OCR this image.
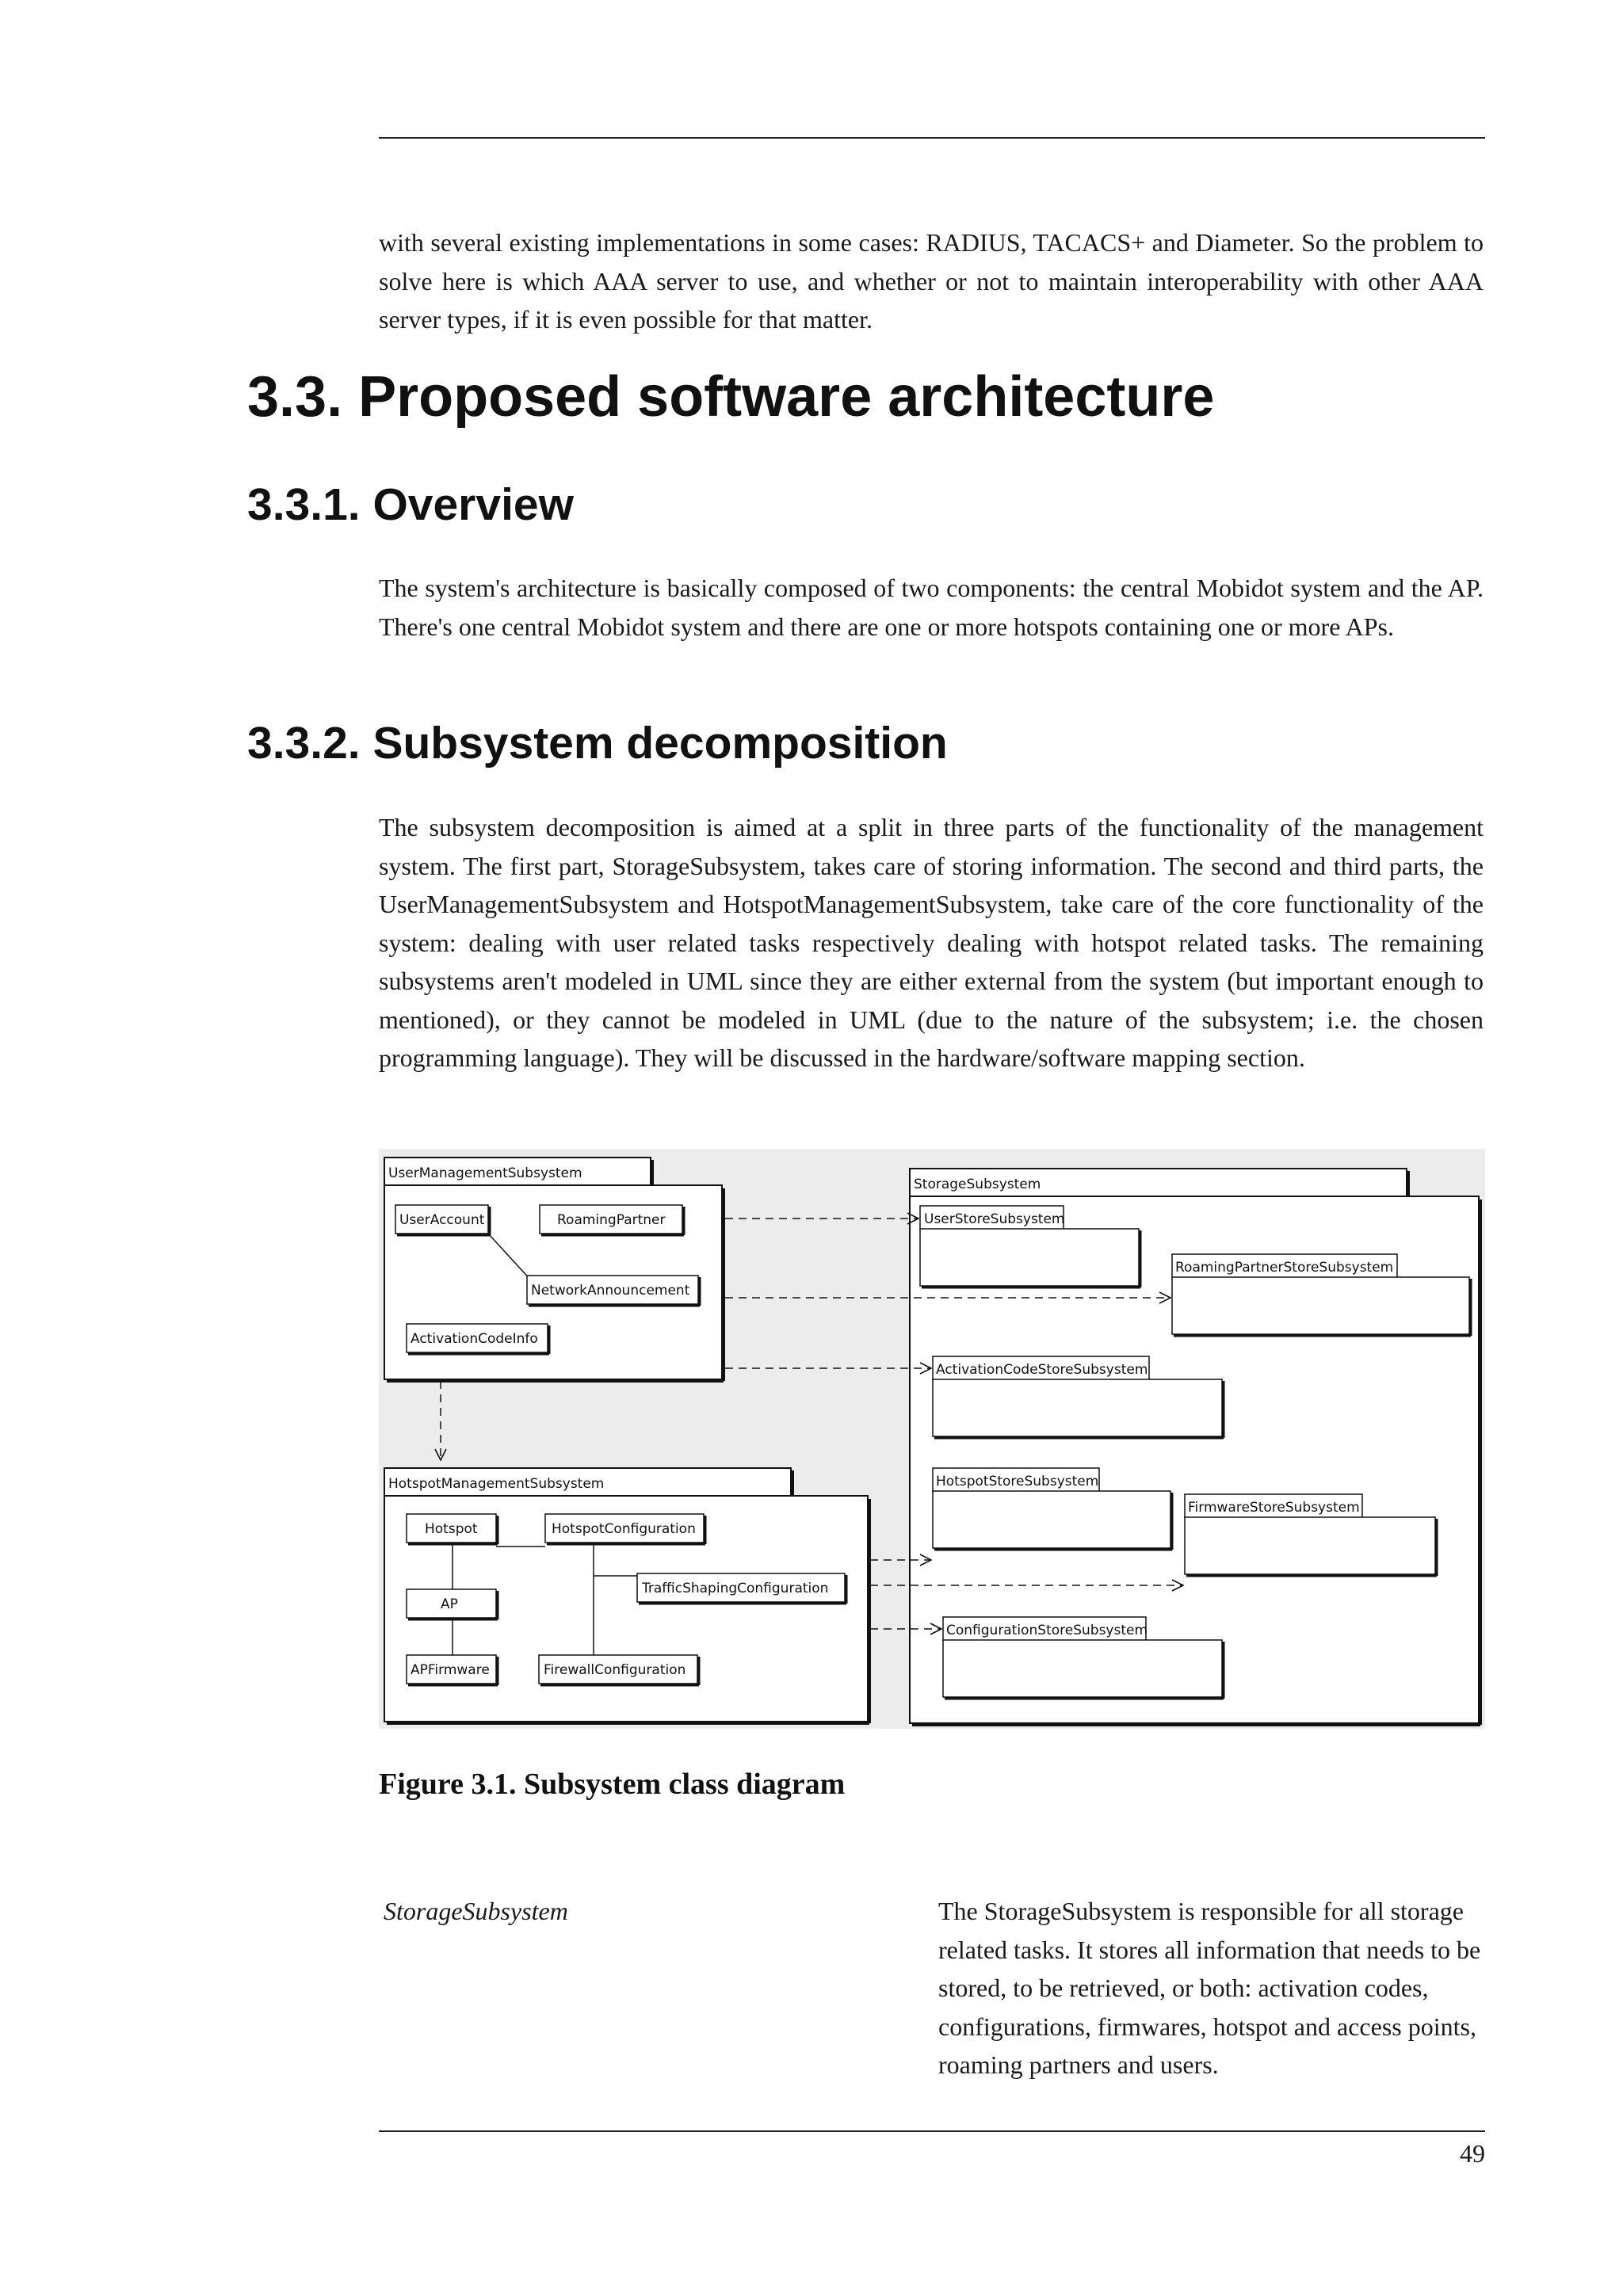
with several existing implementations in some cases: RADIUS, TACACS+ and Diameter. So the problem to solve here is which AAA server to use, and whether or not to maintain interoperability with other AAA server types, if it is even possible for that matter.

3.3. Proposed software architecture
3.3.1. Overview

The system's architecture is basically composed of two components: the central Mobidot system and the AP. There's one central Mobidot system and there are one or more hotspots containing one or more APs.

3.3.2. Subsystem decomposition

The subsystem decomposition is aimed at a split in three parts of the functionality of the management system. The first part, StorageSubsystem, takes care of storing information. The second and third parts, the UserManagementSubsystem and HotspotManagementSubsystem, take care of the core functionality of the system: dealing with user related tasks respectively dealing with hotspot related tasks. The remaining subsystems aren't modeled in UML since they are either external from the system (but important enough to mentioned), or they cannot be modeled in UML (due to the nature of the subsystem; i.e. the chosen programming language). They will be discussed in the hardware/software mapping section.

UserManagementSubsystem
UserAccount	RoamingPartner
NetworkAnnouncement
ActivationCodeInfo
HotspotManagementSubsystem
Hotspot	HotspotConfiguration
TrafficShapingConfiguration
AP
APFirmware	FirewallConfiguration
StorageSubsystem
UserStoreSubsystem
RoamingPartnerStoreSubsystem
ActivationCodeStoreSubsystem
HotspotStoreSubsystem
FirmwareStoreSubsystem
ConfigurationStoreSubsystem

Figure 3.1. Subsystem class diagram

StorageSubsystem	The StorageSubsystem is responsible for all storage related tasks. It stores all information that needs to be stored, to be retrieved, or both: activation codes, configurations, firmwares, hotspot and access points, roaming partners and users.

49
